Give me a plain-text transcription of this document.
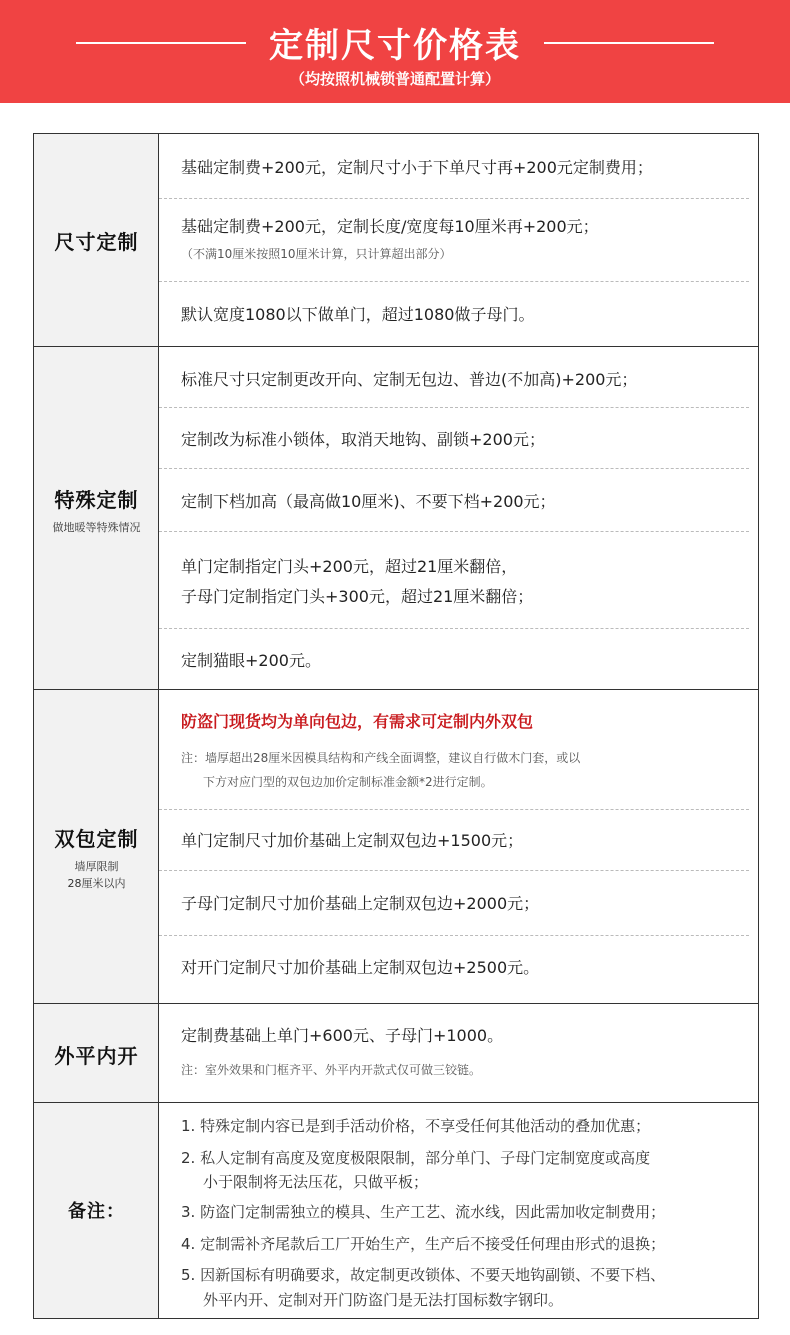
定制尺寸价格表
（均按照机械锁普通配置计算）
尺寸定制
基础定制费+200元，定制尺寸小于下单尺寸再+200元定制费用；
基础定制费+200元，定制长度/宽度每10厘米再+200元；
（不满10厘米按照10厘米计算，只计算超出部分）
默认宽度1080以下做单门，超过1080做子母门。
特殊定制
做地暖等特殊情况
标准尺寸只定制更改开向、定制无包边、普边(不加高)+200元；
定制改为标准小锁体，取消天地钩、副锁+200元；
定制下档加高（最高做10厘米)、不要下档+200元；
单门定制指定门头+200元，超过21厘米翻倍，
子母门定制指定门头+300元，超过21厘米翻倍；
定制猫眼+200元。
双包定制
墙厚限制
28厘米以内
防盗门现货均为单向包边，有需求可定制内外双包
注：墙厚超出28厘米因模具结构和产线全面调整，建议自行做木门套，或以
下方对应门型的双包边加价定制标准金额*2进行定制。
单门定制尺寸加价基础上定制双包边+1500元；
子母门定制尺寸加价基础上定制双包边+2000元；
对开门定制尺寸加价基础上定制双包边+2500元。
外平内开
定制费基础上单门+600元、子母门+1000。
注：室外效果和门框齐平、外平内开款式仅可做三铰链。
备注：
1. 特殊定制内容已是到手活动价格，不享受任何其他活动的叠加优惠；
2. 私人定制有高度及宽度极限限制，部分单门、子母门定制宽度或高度
小于限制将无法压花，只做平板；
3. 防盗门定制需独立的模具、生产工艺、流水线，因此需加收定制费用；
4. 定制需补齐尾款后工厂开始生产，生产后不接受任何理由形式的退换；
5. 因新国标有明确要求，故定制更改锁体、不要天地钩副锁、不要下档、
外平内开、定制对开门防盗门是无法打国标数字钢印。
